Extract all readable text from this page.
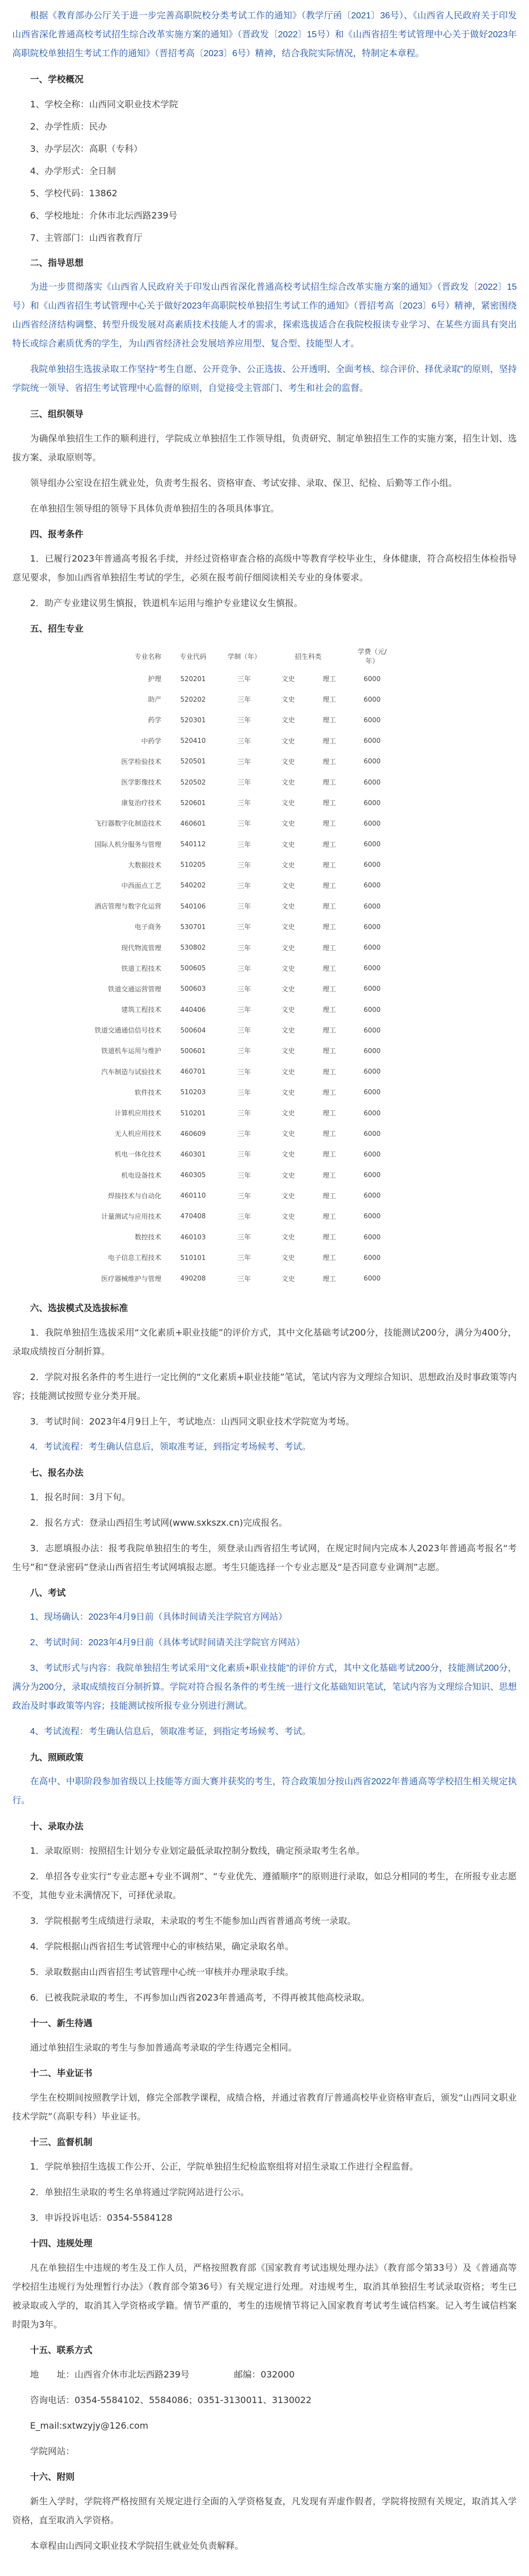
根据《教育部办公厅关于进一步完善高职院校分类考试工作的通知》（教学厅函〔2021〕36号）、《山西省人民政府关于印发山西省深化普通高校考试招生综合改革实施方案的通知》（晋政发〔2022〕15号）和《山西省招生考试管理中心关于做好2023年高职院校单独招生考试工作的通知》（晋招考高〔2023〕6号）精神，结合我院实际情况，特制定本章程。

一、学校概况
1、学校全称：山西同文职业技术学院
2、办学性质：民办
3、办学层次：高职（专科）
4、办学形式：全日制
5、学校代码：13862
6、学校地址：介休市北坛西路239号
7、主管部门：山西省教育厅
二、指导思想

为进一步贯彻落实《山西省人民政府关于印发山西省深化普通高校考试招生综合改革实施方案的通知》（晋政发〔2022〕15号）和《山西省招生考试管理中心关于做好2023年高职院校单独招生考试工作的通知》（晋招考高〔2023〕6号）精神，紧密围绕山西省经济结构调整、转型升级发展对高素质技术技能人才的需求，探索选拔适合在我院校报读专业学习、在某些方面具有突出特长或综合素质优秀的学生，为山西省经济社会发展培养应用型、复合型、技能型人才。

我院单独招生选拔录取工作坚持“考生自愿、公开竞争、公正选拔、公开透明、全面考核、综合评价、择优录取”的原则，坚持学院统一领导、省招生考试管理中心监督的原则，自觉接受主管部门、考生和社会的监督。

三、组织领导

为确保单独招生工作的顺利进行，学院成立单独招生工作领导组，负责研究、制定单独招生工作的实施方案，招生计划、选拔方案、录取原则等。

领导组办公室设在招生就业处，负责考生报名、资格审查、考试安排、录取、保卫、纪检、后勤等工作小组。

在单独招生领导组的领导下具体负责单独招生的各项具体事宜。

四、报考条件

1．已履行2023年普通高考报名手续，并经过资格审查合格的高级中等教育学校毕业生，身体健康，符合高校招生体检指导意见要求，参加山西省单独招生考试的学生，必须在报考前仔细阅读相关专业的身体要求。

2．助产专业建议男生慎报，铁道机车运用与维护专业建议女生慎报。

五、招生专业
专业名称	专业代码	学制（年）	招生科类		学费（元/年）
护理	520201	三年	文史	理工	6000
助产	520202	三年	文史	理工	6000
药学	520301	三年	文史	理工	6000
中药学	520410	三年	文史	理工	6000
医学检验技术	520501	三年	文史	理工	6000
医学影像技术	520502	三年	文史	理工	6000
康复治疗技术	520601	三年	文史	理工	6000
飞行器数字化制造技术	460601	三年	文史	理工	6000
国际人机分服务与管理	540112	三年	文史	理工	6000
大数据技术	510205	三年	文史	理工	6000
中西面点工艺	540202	三年	文史	理工	6000
酒店管理与数字化运营	540106	三年	文史	理工	6000
电子商务	530701	三年	文史	理工	6000
现代物流管理	530802	三年	文史	理工	6000
铁道工程技术	500605	三年	文史	理工	6000
铁道交通运营管理	500603	三年	文史	理工	6000
建筑工程技术	440406	三年	文史	理工	6000
铁道交通通信信号技术	500604	三年	文史	理工	6000
铁道机车运用与维护	500601	三年	文史	理工	6000
汽车制造与试验技术	460701	三年	文史	理工	6000
软件技术	510203	三年	文史	理工	6000
计算机应用技术	510201	三年	文史	理工	6000
无人机应用技术	460609	三年	文史	理工	6000
机电一体化技术	460301	三年	文史	理工	6000
机电设备技术	460305	三年	文史	理工	6000
焊接技术与自动化	460110	三年	文史	理工	6000
计量测试与应用技术	470408	三年	文史	理工	6000
数控技术	460103	三年	文史	理工	6000
电子信息工程技术	510101	三年	文史	理工	6000
医疗器械维护与管理	490208	三年	文史	理工	6000
六、选拔模式及选拔标准

1．我院单独招生选拔采用“文化素质+职业技能”的评价方式，其中文化基础考试200分，技能测试200分，满分为400分，录取成绩按百分制折算。

2．学院对报名条件的考生进行一定比例的“文化素质+职业技能”笔试，笔试内容为文理综合知识、思想政治及时事政策等内容；技能测试按照专业分类开展。

3．考试时间：2023年4月9日上午，考试地点：山西同文职业技术学院宽为考场。

4．考试流程：考生确认信息后，领取准考证，到指定考场候考、考试。

七、报名办法

1．报名时间：3月下旬。

2．报名方式：登录山西招生考试网(www.sxkszx.cn)完成报名。

3．志愿填报办法：报考我院单独招生的考生，须登录山西省招生考试网，在规定时间内完成本人2023年普通高考报名“考生号”和“登录密码”登录山西省招生考试网填报志愿。考生只能选择一个专业志愿及“是否同意专业调剂”志愿。

八、考试

1、现场确认：2023年4月9日前（具体时间请关注学院官方网站）

2、考试时间：2023年4月9日前（具体考试时间请关注学院官方网站）

3、考试形式与内容：我院单独招生考试采用“文化素质+职业技能”的评价方式，其中文化基础考试200分，技能测试200分，满分为200分，录取成绩按百分制折算。学院对符合报名条件的考生统一进行文化基础知识笔试，笔试内容为文理综合知识、思想政治及时事政策等内容；技能测试按所报专业分别进行测试。

4、考试流程：考生确认信息后，领取准考证，到指定考场候考、考试。

九、照顾政策

在高中、中职阶段参加省级以上技能等方面大赛并获奖的考生，符合政策加分按山西省2022年普通高等学校招生相关规定执行。

十、录取办法

1．录取原则：按照招生计划分专业划定最低录取控制分数线，确定预录取考生名单。

2．单招各专业实行“专业志愿+专业不调剂”、“专业优先、遵循顺序”的原则进行录取，如总分相同的考生，在所报专业志愿不变，其他专业未满情况下，可择优录取。

3．学院根据考生成绩进行录取，未录取的考生不能参加山西省普通高考统一录取。

4．学院根据山西省招生考试管理中心的审核结果，确定录取名单。

5．录取数据由山西省招生考试管理中心统一审核并办理录取手续。

6．已被我院录取的考生，不再参加山西省2023年普通高考，不得再被其他高校录取。

十一、新生待遇

通过单独招生录取的考生与参加普通高考录取的学生待遇完全相同。

十二、毕业证书

学生在校期间按照教学计划，修完全部教学课程，成绩合格，并通过省教育厅普通高校毕业资格审查后，颁发“山西同文职业技术学院”（高职专科）毕业证书。

十三、监督机制

1．学院单独招生选拔工作公开、公正，学院单独招生纪检监察组将对招生录取工作进行全程监督。

2．单独招生录取的考生名单将通过学院网站进行公示。

3．申诉投诉电话：0354-5584128

十四、违规处理

凡在单独招生中违规的考生及工作人员，严格按照教育部《国家教育考试违规处理办法》（教育部令第33号）及《普通高等学校招生违规行为处理暂行办法》（教育部令第36号）有关规定进行处理。对违规考生，取消其单独招生考试录取资格；考生已被录取或入学的，取消其入学资格或学籍。情节严重的，考生的违规情节将记入国家教育考试考生诚信档案。记入考生诚信档案时限为3年。

十五、联系方式

地　　址：山西省介休市北坛西路239号　　　　　邮编：032000

咨询电话：0354-5584102、5584086；0351-3130011、3130022

E_mail:sxtwzyjy@126.com

学院网站：

十六、附则

新生入学时，学院将严格按照有关规定进行全面的入学资格复查，凡发现有弄虚作假者，学院将按照有关规定，取消其入学资格，直至取消入学资格。

本章程由山西同文职业技术学院招生就业处负责解释。
